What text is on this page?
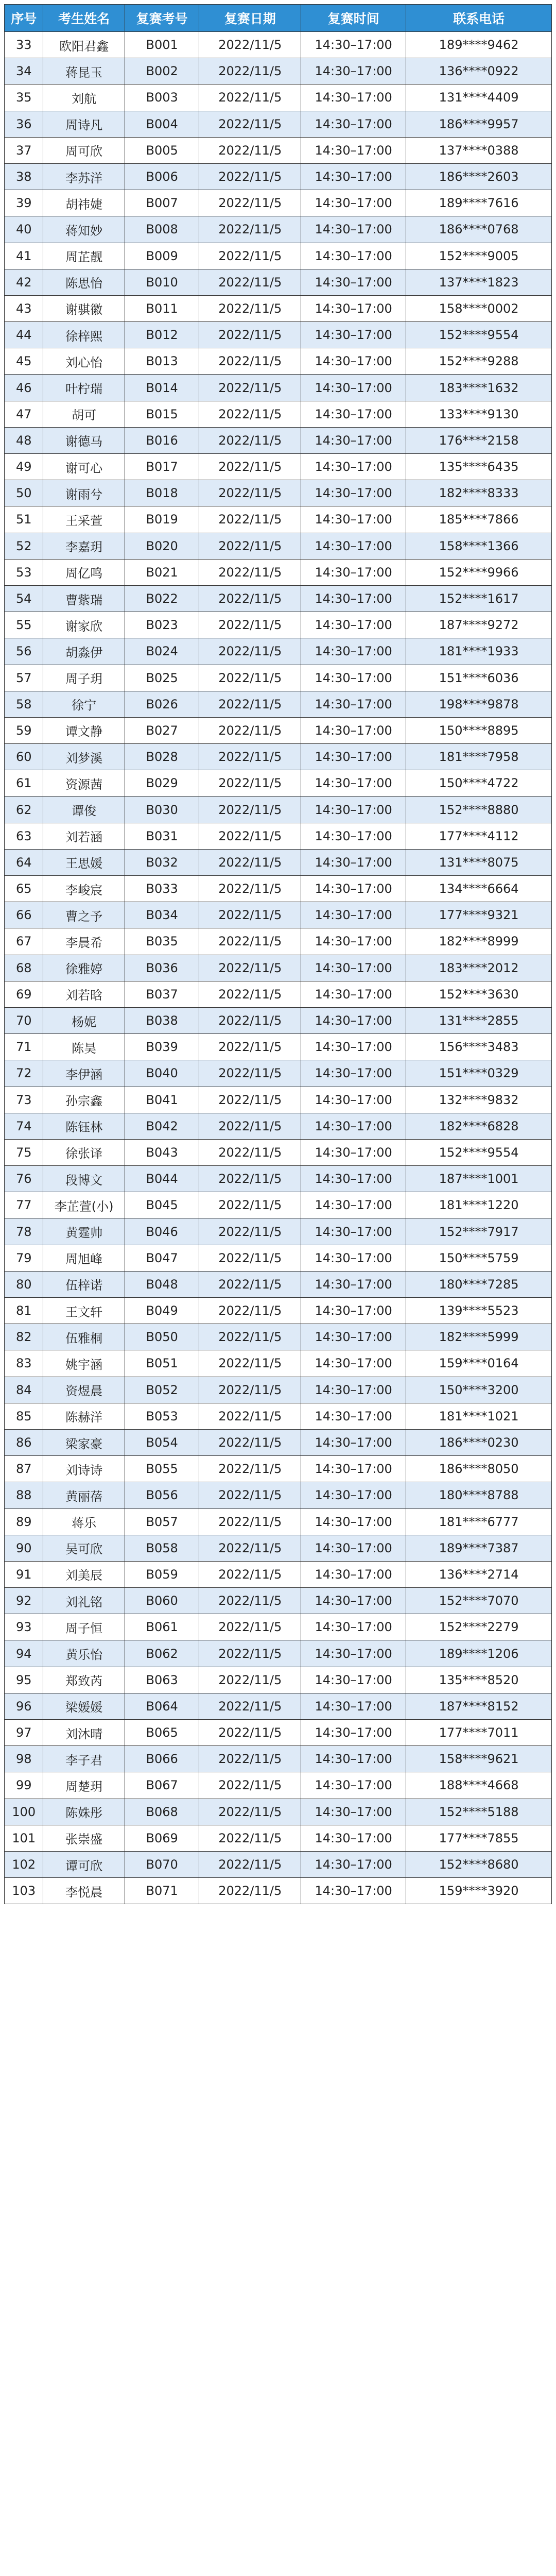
序号	考生姓名	复赛考号	复赛日期	复赛时间	联系电话
33	欧阳君鑫	B001	2022/11/5	14:30–17:00	189****9462
34	蒋昆玉	B002	2022/11/5	14:30–17:00	136****0922
35	刘航	B003	2022/11/5	14:30–17:00	131****4409
36	周诗凡	B004	2022/11/5	14:30–17:00	186****9957
37	周可欣	B005	2022/11/5	14:30–17:00	137****0388
38	李苏洋	B006	2022/11/5	14:30–17:00	186****2603
39	胡祎婕	B007	2022/11/5	14:30–17:00	189****7616
40	蒋知妙	B008	2022/11/5	14:30–17:00	186****0768
41	周芷靓	B009	2022/11/5	14:30–17:00	152****9005
42	陈思怡	B010	2022/11/5	14:30–17:00	137****1823
43	谢骐徽	B011	2022/11/5	14:30–17:00	158****0002
44	徐梓熙	B012	2022/11/5	14:30–17:00	152****9554
45	刘心怡	B013	2022/11/5	14:30–17:00	152****9288
46	叶柠瑞	B014	2022/11/5	14:30–17:00	183****1632
47	胡可	B015	2022/11/5	14:30–17:00	133****9130
48	谢德马	B016	2022/11/5	14:30–17:00	176****2158
49	谢可心	B017	2022/11/5	14:30–17:00	135****6435
50	谢雨兮	B018	2022/11/5	14:30–17:00	182****8333
51	王采萱	B019	2022/11/5	14:30–17:00	185****7866
52	李嘉玥	B020	2022/11/5	14:30–17:00	158****1366
53	周亿鸣	B021	2022/11/5	14:30–17:00	152****9966
54	曹紫瑞	B022	2022/11/5	14:30–17:00	152****1617
55	谢家欣	B023	2022/11/5	14:30–17:00	187****9272
56	胡淼伊	B024	2022/11/5	14:30–17:00	181****1933
57	周子玥	B025	2022/11/5	14:30–17:00	151****6036
58	徐宁	B026	2022/11/5	14:30–17:00	198****9878
59	谭文静	B027	2022/11/5	14:30–17:00	150****8895
60	刘梦溪	B028	2022/11/5	14:30–17:00	181****7958
61	资源茜	B029	2022/11/5	14:30–17:00	150****4722
62	谭俊	B030	2022/11/5	14:30–17:00	152****8880
63	刘若涵	B031	2022/11/5	14:30–17:00	177****4112
64	王思媛	B032	2022/11/5	14:30–17:00	131****8075
65	李峻宸	B033	2022/11/5	14:30–17:00	134****6664
66	曹之予	B034	2022/11/5	14:30–17:00	177****9321
67	李晨希	B035	2022/11/5	14:30–17:00	182****8999
68	徐雅婷	B036	2022/11/5	14:30–17:00	183****2012
69	刘若晗	B037	2022/11/5	14:30–17:00	152****3630
70	杨妮	B038	2022/11/5	14:30–17:00	131****2855
71	陈昊	B039	2022/11/5	14:30–17:00	156****3483
72	李伊涵	B040	2022/11/5	14:30–17:00	151****0329
73	孙宗鑫	B041	2022/11/5	14:30–17:00	132****9832
74	陈钰林	B042	2022/11/5	14:30–17:00	182****6828
75	徐张译	B043	2022/11/5	14:30–17:00	152****9554
76	段博文	B044	2022/11/5	14:30–17:00	187****1001
77	李芷萱(小)	B045	2022/11/5	14:30–17:00	181****1220
78	黄霆帅	B046	2022/11/5	14:30–17:00	152****7917
79	周旭峰	B047	2022/11/5	14:30–17:00	150****5759
80	伍梓诺	B048	2022/11/5	14:30–17:00	180****7285
81	王文轩	B049	2022/11/5	14:30–17:00	139****5523
82	伍雅桐	B050	2022/11/5	14:30–17:00	182****5999
83	姚宇涵	B051	2022/11/5	14:30–17:00	159****0164
84	资煜晨	B052	2022/11/5	14:30–17:00	150****3200
85	陈赫洋	B053	2022/11/5	14:30–17:00	181****1021
86	梁家豪	B054	2022/11/5	14:30–17:00	186****0230
87	刘诗诗	B055	2022/11/5	14:30–17:00	186****8050
88	黄丽蓓	B056	2022/11/5	14:30–17:00	180****8788
89	蒋乐	B057	2022/11/5	14:30–17:00	181****6777
90	吴可欣	B058	2022/11/5	14:30–17:00	189****7387
91	刘美辰	B059	2022/11/5	14:30–17:00	136****2714
92	刘礼铭	B060	2022/11/5	14:30–17:00	152****7070
93	周子恒	B061	2022/11/5	14:30–17:00	152****2279
94	黄乐怡	B062	2022/11/5	14:30–17:00	189****1206
95	郑致芮	B063	2022/11/5	14:30–17:00	135****8520
96	梁媛媛	B064	2022/11/5	14:30–17:00	187****8152
97	刘沐晴	B065	2022/11/5	14:30–17:00	177****7011
98	李子君	B066	2022/11/5	14:30–17:00	158****9621
99	周楚玥	B067	2022/11/5	14:30–17:00	188****4668
100	陈姝彤	B068	2022/11/5	14:30–17:00	152****5188
101	张崇盛	B069	2022/11/5	14:30–17:00	177****7855
102	谭可欣	B070	2022/11/5	14:30–17:00	152****8680
103	李悦晨	B071	2022/11/5	14:30–17:00	159****3920
